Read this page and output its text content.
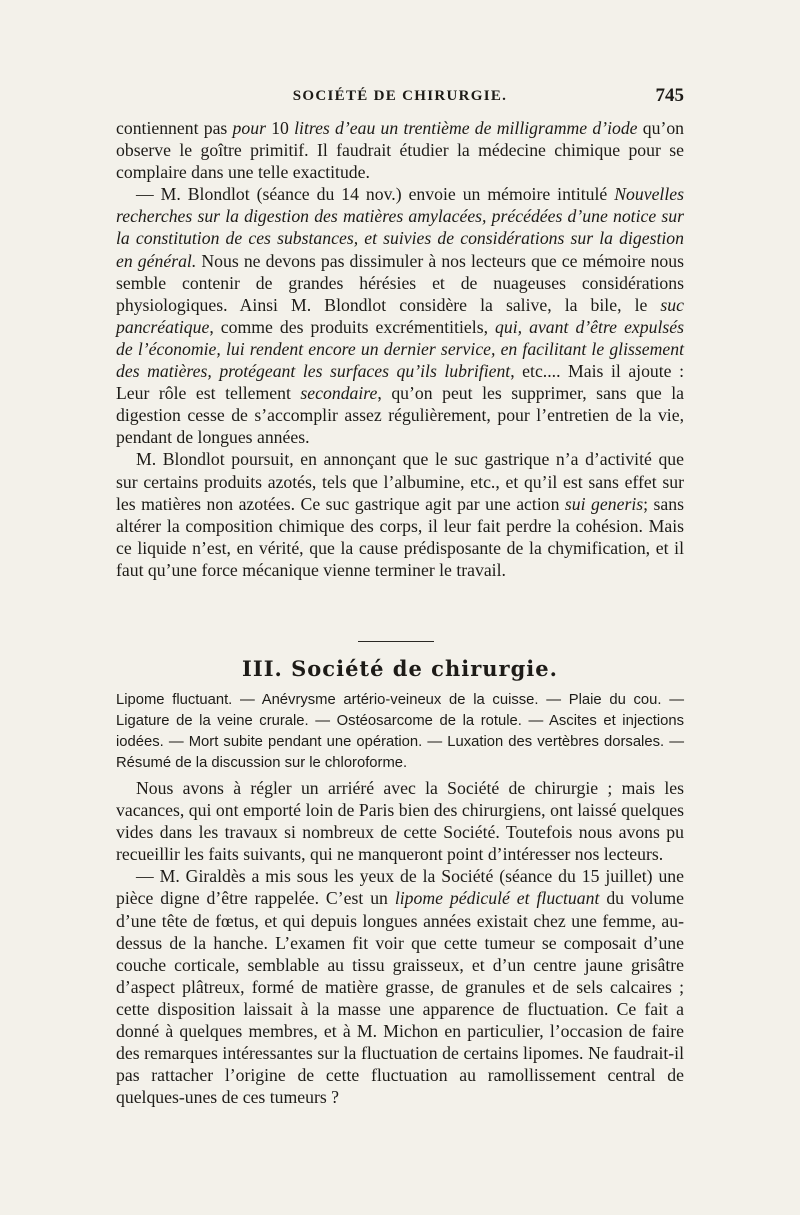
SOCIÉTÉ DE CHIRURGIE.	745

contiennent pas pour 10 litres d’eau un trentième de milligramme d’iode qu’on observe le goître primitif. Il faudrait étudier la médecine chimique pour se complaire dans une telle exactitude.

— M. Blondlot (séance du 14 nov.) envoie un mémoire intitulé Nouvelles recherches sur la digestion des matières amylacées, précédées d’une notice sur la constitution de ces substances, et suivies de considérations sur la digestion en général. Nous ne devons pas dissimuler à nos lecteurs que ce mémoire nous semble contenir de grandes hérésies et de nuageuses considérations physiologiques. Ainsi M. Blondlot considère la salive, la bile, le suc pancréatique, comme des produits excrémentitiels, qui, avant d’être expulsés de l’économie, lui rendent encore un dernier service, en facilitant le glissement des matières, protégeant les surfaces qu’ils lubrifient, etc.... Mais il ajoute : Leur rôle est tellement secondaire, qu’on peut les supprimer, sans que la digestion cesse de s’accomplir assez régulièrement, pour l’entretien de la vie, pendant de longues années.

M. Blondlot poursuit, en annonçant que le suc gastrique n’a d’activité que sur certains produits azotés, tels que l’albumine, etc., et qu’il est sans effet sur les matières non azotées. Ce suc gastrique agit par une action sui generis; sans altérer la composition chimique des corps, il leur fait perdre la cohésion. Mais ce liquide n’est, en vérité, que la cause prédisposante de la chymification, et il faut qu’une force mécanique vienne terminer le travail.

III. Société de chirurgie.

Lipome fluctuant. — Anévrysme artério-veineux de la cuisse. — Plaie du cou. — Ligature de la veine crurale. — Ostéosarcome de la rotule. — Ascites et injections iodées. — Mort subite pendant une opération. — Luxation des vertèbres dorsales. — Résumé de la discussion sur le chloroforme.

Nous avons à régler un arriéré avec la Société de chirurgie ; mais les vacances, qui ont emporté loin de Paris bien des chirurgiens, ont laissé quelques vides dans les travaux si nombreux de cette Société. Toutefois nous avons pu recueillir les faits suivants, qui ne manqueront point d’intéresser nos lecteurs.

— M. Giraldès a mis sous les yeux de la Société (séance du 15 juillet) une pièce digne d’être rappelée. C’est un lipome pédiculé et fluctuant du volume d’une tête de fœtus, et qui depuis longues années existait chez une femme, au-dessus de la hanche. L’examen fit voir que cette tumeur se composait d’une couche corticale, semblable au tissu graisseux, et d’un centre jaune grisâtre d’aspect plâtreux, formé de matière grasse, de granules et de sels calcaires ; cette disposition laissait à la masse une apparence de fluctuation. Ce fait a donné à quelques membres, et à M. Michon en particulier, l’occasion de faire des remarques intéressantes sur la fluctuation de certains lipomes. Ne faudrait-il pas rattacher l’origine de cette fluctuation au ramollissement central de quelques-unes de ces tumeurs ?
